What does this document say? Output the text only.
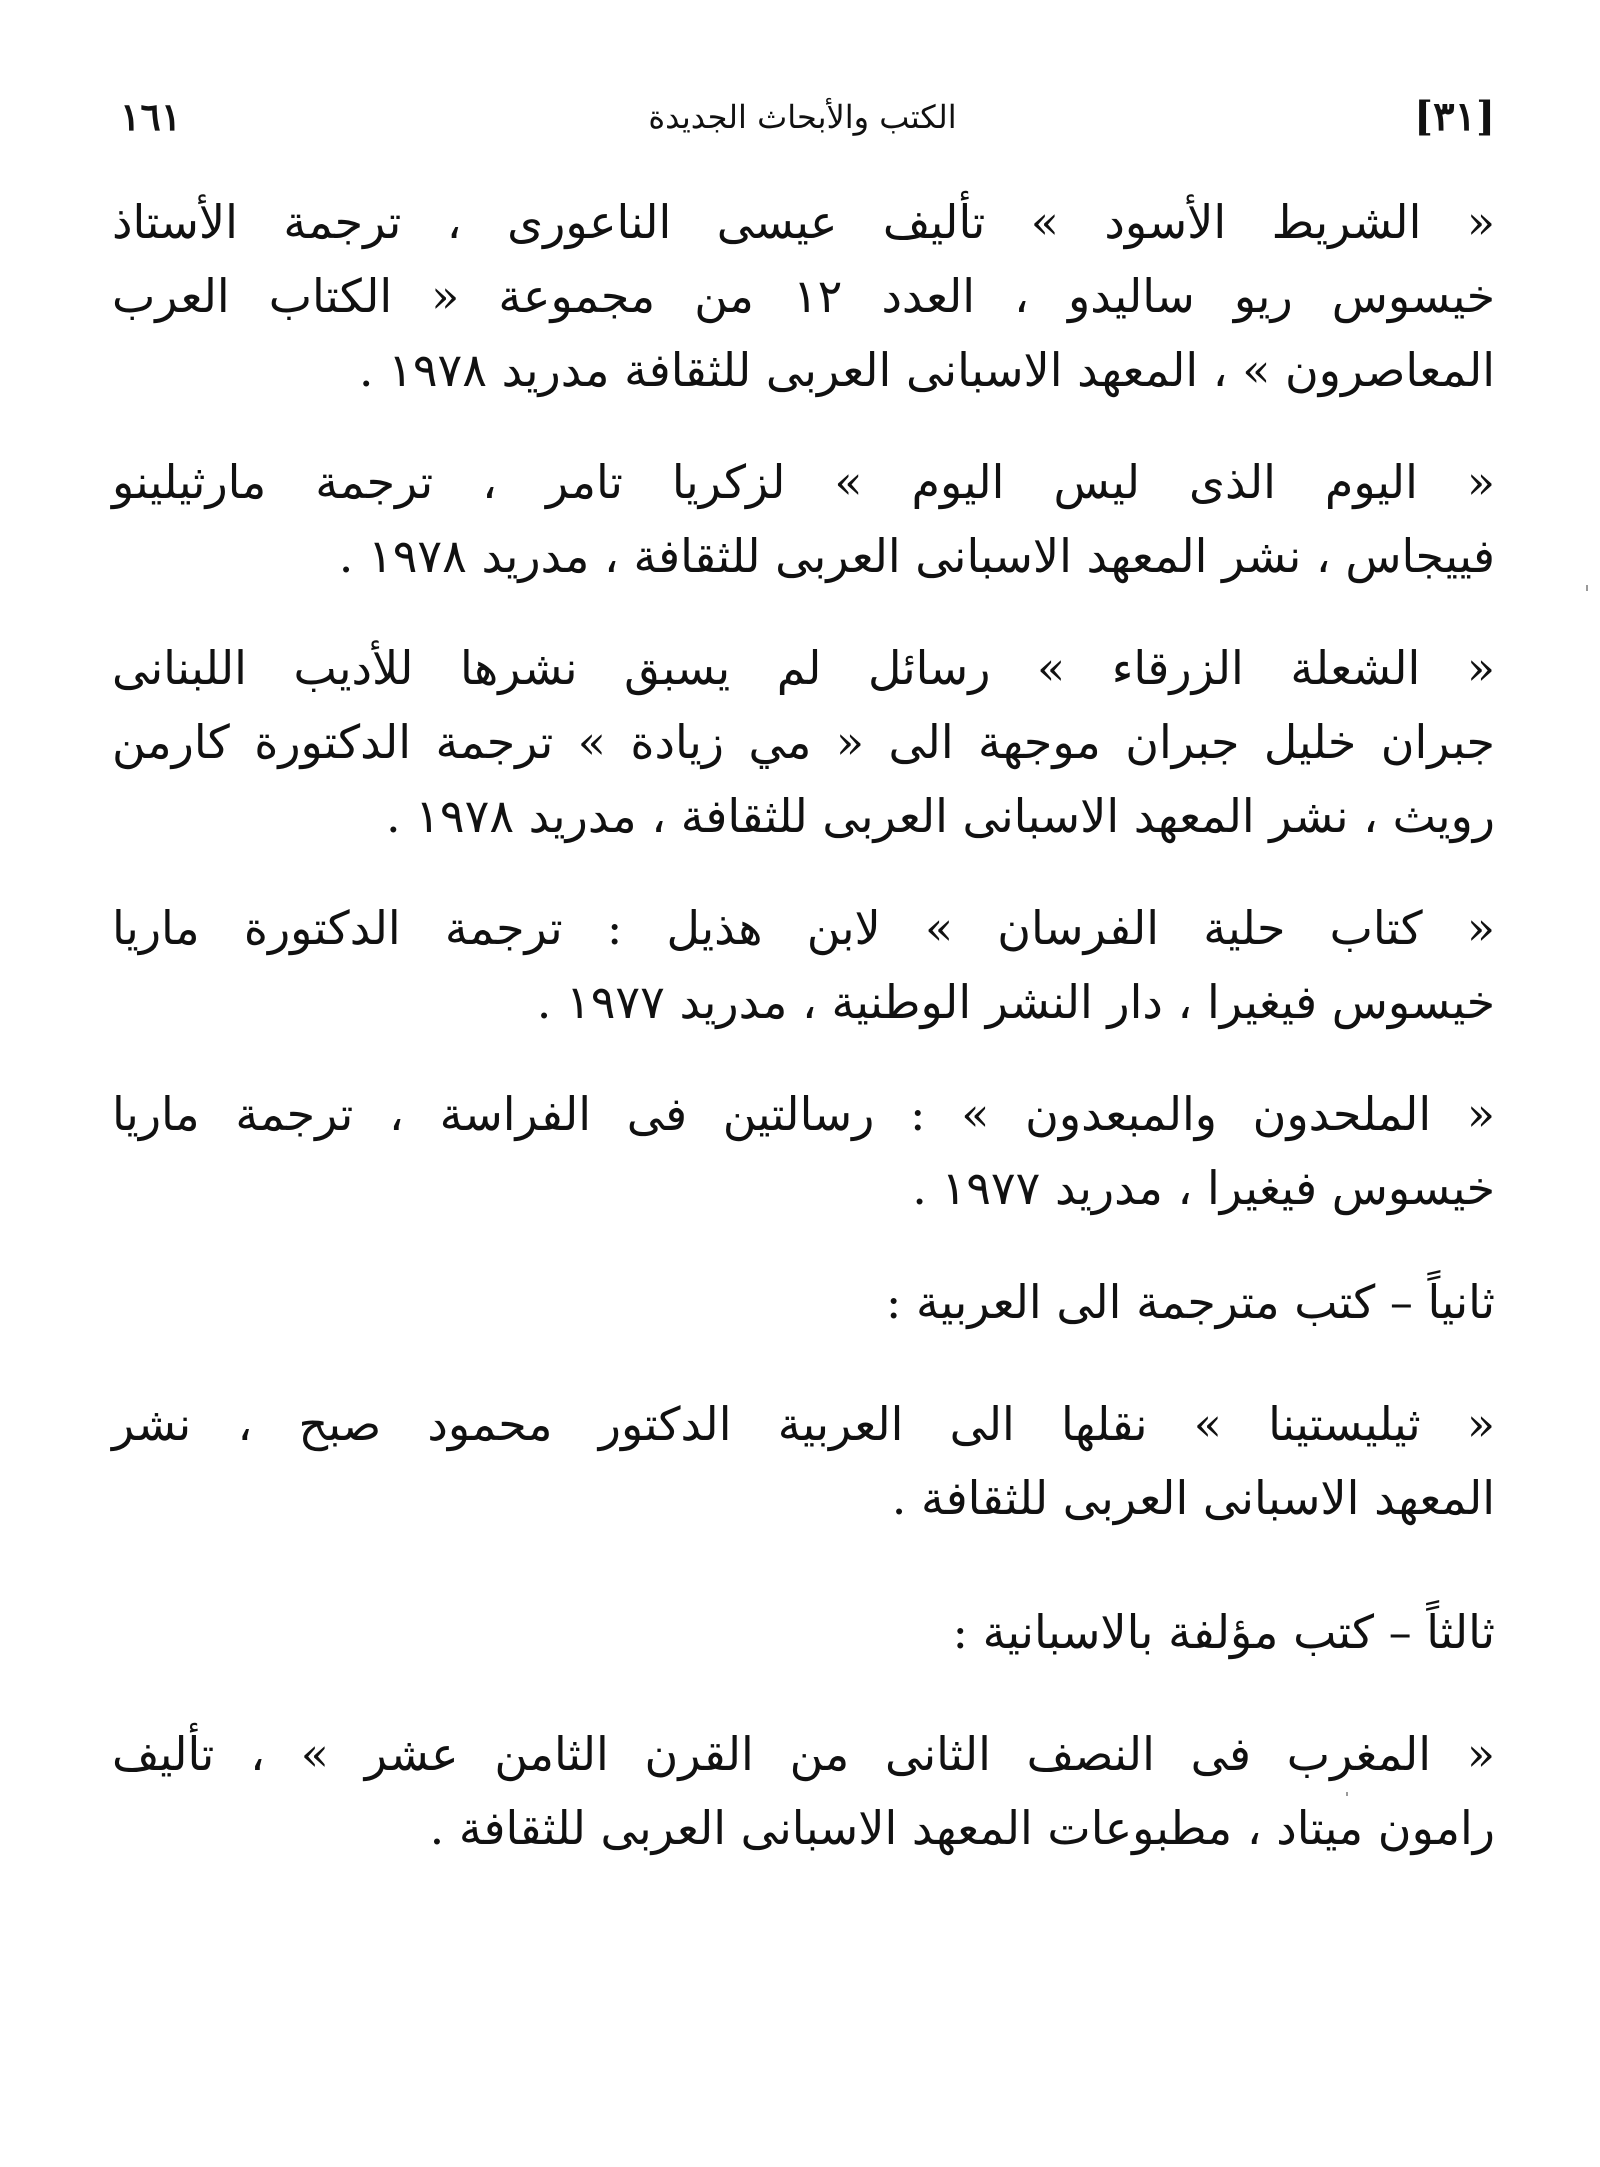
[٣١]
الكتب والأبحاث الجديدة
١٦١
« الشريط الأسود » تأليف عيسى الناعورى ، ترجمة الأستاذ
خيسوس ريو ساليدو ، العدد ١٢ من مجموعة « الكتاب العرب
المعاصرون » ، المعهد الاسبانى العربى للثقافة مدريد ١٩٧٨ .
« اليوم الذى ليس اليوم » لزكريا تامر ، ترجمة مارثيلينو
فييجاس ، نشر المعهد الاسبانى العربى للثقافة ، مدريد ١٩٧٨ .
« الشعلة الزرقاء » رسائل لم يسبق نشرها للأديب اللبنانى
جبران خليل جبران موجهة الى « مي زيادة » ترجمة الدكتورة كارمن
رويث ، نشر المعهد الاسبانى العربى للثقافة ، مدريد ١٩٧٨ .
« كتاب حلية الفرسان » لابن هذيل : ترجمة الدكتورة ماريا
خيسوس فيغيرا ، دار النشر الوطنية ، مدريد ١٩٧٧ .
« الملحدون والمبعدون » : رسالتين فى الفراسة ، ترجمة ماريا
خيسوس فيغيرا ، مدريد ١٩٧٧ .
ثانياً – كتب مترجمة الى العربية :
« ثيليستينا » نقلها الى العربية الدكتور محمود صبح ، نشر
المعهد الاسبانى العربى للثقافة .
ثالثاً – كتب مؤلفة بالاسبانية :
« المغرب فى النصف الثانى من القرن الثامن عشر » ، تأليف
رامون ميتاد ، مطبوعات المعهد الاسبانى العربى للثقافة .
